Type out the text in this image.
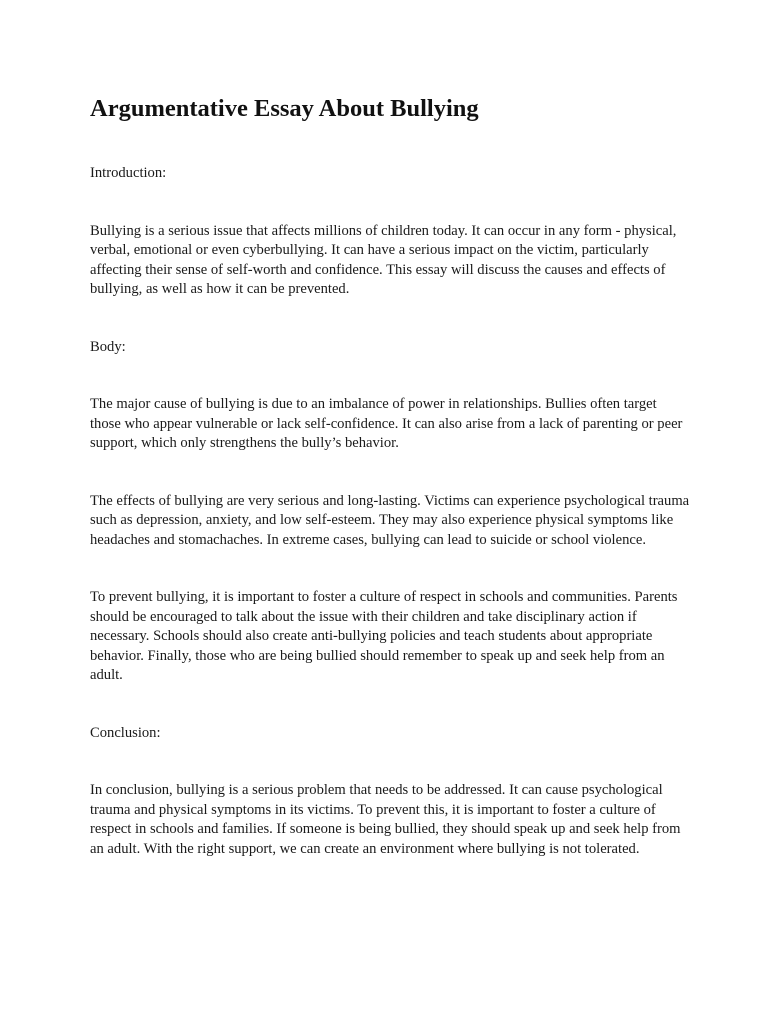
Argumentative Essay About Bullying

Introduction:

Bullying is a serious issue that affects millions of children today. It can occur in any form - physical, verbal, emotional or even cyberbullying. It can have a serious impact on the victim, particularly affecting their sense of self-worth and confidence. This essay will discuss the causes and effects of bullying, as well as how it can be prevented.

Body:

The major cause of bullying is due to an imbalance of power in relationships. Bullies often target those who appear vulnerable or lack self-confidence. It can also arise from a lack of parenting or peer support, which only strengthens the bully’s behavior.

The effects of bullying are very serious and long-lasting. Victims can experience psychological trauma such as depression, anxiety, and low self-esteem. They may also experience physical symptoms like headaches and stomachaches. In extreme cases, bullying can lead to suicide or school violence.

To prevent bullying, it is important to foster a culture of respect in schools and communities. Parents should be encouraged to talk about the issue with their children and take disciplinary action if necessary. Schools should also create anti-bullying policies and teach students about appropriate behavior. Finally, those who are being bullied should remember to speak up and seek help from an adult.

Conclusion:

In conclusion, bullying is a serious problem that needs to be addressed. It can cause psychological trauma and physical symptoms in its victims. To prevent this, it is important to foster a culture of respect in schools and families. If someone is being bullied, they should speak up and seek help from an adult. With the right support, we can create an environment where bullying is not tolerated.
